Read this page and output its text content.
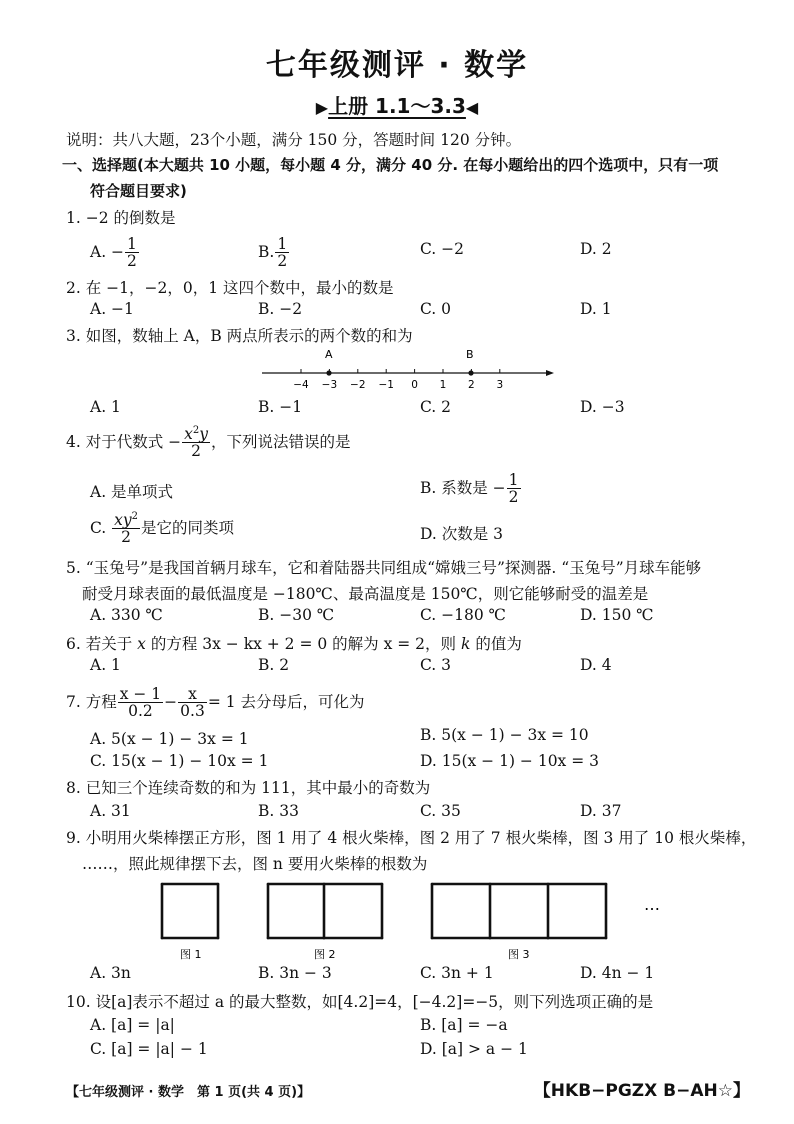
七年级测评 · 数学
▶上册 1.1～3.3◀
说明：共八大题，23个小题，满分 150 分，答题时间 120 分钟。
一、选择题(本大题共 10 小题，每小题 4 分，满分 40 分. 在每小题给出的四个选项中，只有一项
符合题目要求)
1. −2 的倒数是
A. − $\frac{1}{2}$	B. $\frac{1}{2}$	C. −2	D. 2
2. 在 −1，−2，0，1 这四个数中，最小的数是
A. −1	B. −2	C. 0	D. 1
3. 如图，数轴上 A，B 两点所表示的两个数的和为
−4 −3 −2 −1 0 1 2 3
A	B
A. 1	B. −1	C. 2	D. −3
4. 对于代数式 − $\frac{x^2y}{2}$ ，下列说法错误的是
A. 是单项式	B. 系数是 − $\frac{1}{2}$
C. $\frac{xy^2}{2}$ 是它的同类项	D. 次数是 3
5. “玉兔号”是我国首辆月球车，它和着陆器共同组成“嫦娥三号”探测器. “玉兔号”月球车能够
耐受月球表面的最低温度是 −180℃、最高温度是 150℃，则它能够耐受的温差是
A. 330 ℃	B. −30 ℃	C. −180 ℃	D. 150 ℃
6. 若关于 x 的方程 3x − kx + 2 = 0 的解为 x = 2，则 k 的值为
A. 1	B. 2	C. 3	D. 4
7. 方程 $\frac{x - 1}{0.2} - \frac{x}{0.3} = 1$ 去分母后，可化为
A. 5(x − 1) − 3x = 1	B. 5(x − 1) − 3x = 10
C. 15(x − 1) − 10x = 1	D. 15(x − 1) − 10x = 3
8. 已知三个连续奇数的和为 111，其中最小的奇数为
A. 31	B. 33	C. 35	D. 37
9. 小明用火柴棒摆正方形，图 1 用了 4 根火柴棒，图 2 用了 7 根火柴棒，图 3 用了 10 根火柴棒，
……，照此规律摆下去，图 n 要用火柴棒的根数为
图 1	图 2	图 3
…
A. 3n	B. 3n − 3	C. 3n + 1	D. 4n − 1
10. 设[a]表示不超过 a 的最大整数，如[4.2]=4，[−4.2]=−5，则下列选项正确的是
A. [a] = |a|	B. [a] = −a
C. [a] = |a| − 1	D. [a] > a − 1
【七年级测评 · 数学　第 1 页(共 4 页)】	【HKB−PGZX B−AH☆】
